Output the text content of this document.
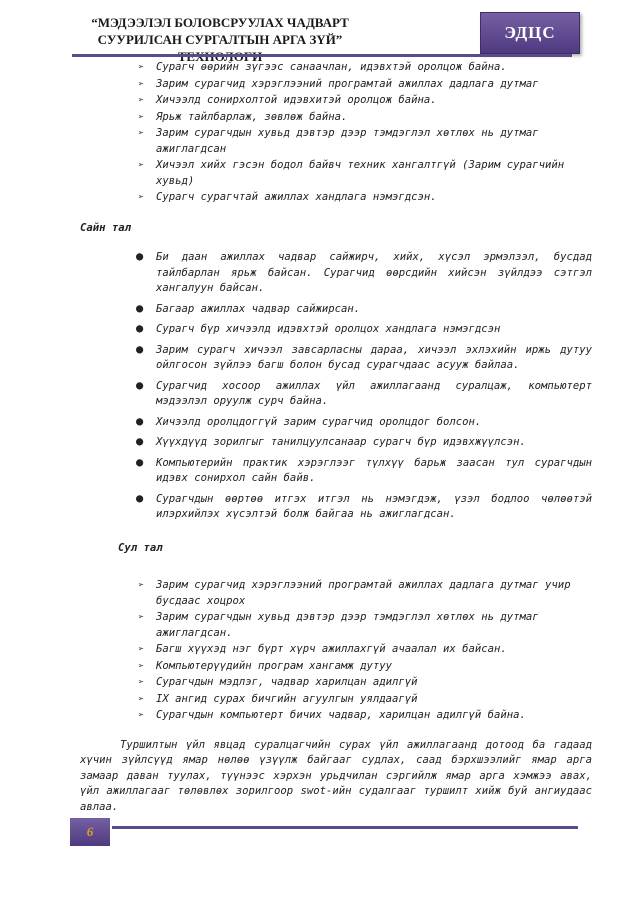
“МЭДЭЭЛЭЛ БОЛОВСРУУЛАХ ЧАДВАРТ
СУУРИЛСАН СУРГАЛТЫН АРГА ЗҮЙ”	ЭДЦС
➢ Сурагч өөрийн зүгээс санаачлан, идэвхтэй оролцож байна.
➢ Зарим сурагчид хэрэглээний програмтай ажиллах дадлага дутмаг
➢ Хичээлд сонирхолтой идэвхитэй оролцож байна.
➢ Ярьж тайлбарлаж, зөвлөж байна.
➢ Зарим сурагчдын хувьд дэвтэр дээр тэмдэглэл хөтлөх нь дутмаг ажиглагдсан
➢ Хичээл хийх гэсэн бодол байвч техник хангалтгүй (Зарим сурагчийн хувьд)
➢ Сурагч сурагчтай ажиллах хандлага нэмэгдсэн.
Сайн тал
● Би даан ажиллах чадвар сайжирч, хийх, хүсэл эрмэлзэл, бусдад тайлбарлан ярьж байсан. Сурагчид өөрсдийн хийсэн зүйлдээ сэтгэл хангалуун байсан.
● Багаар ажиллах чадвар сайжирсан.
● Сурагч бүр хичээлд идэвхтэй оролцох хандлага нэмэгдсэн
● Зарим сурагч хичээл завсарласны дараа, хичээл эхлэхийн иржь дутуу ойлгосон зүйлээ багш болон бусад сурагчдаас асууж байлаа.
● Сурагчид хосоор ажиллах үйл ажиллагаанд суралцаж, компьютерт мэдээлэл оруулж сурч байна.
● Хичээлд оролцдоггүй зарим сурагчид оролцдог болсон.
● Хүүхдүүд зорилгыг танилцуулсанаар сурагч бүр идэвхжүүлсэн.
● Компьютерийн практик хэрэглээг түлхүү барьж заасан тул сурагчдын идэвх сонирхол сайн байв.
● Сурагчдын өөртөө итгэх итгэл нь нэмэгдэж, үзэл бодлоо чөлөөтэй илэрхийлэх хүсэлтэй болж байгаа нь ажиглагдсан.
Сул тал
➢ Зарим сурагчид хэрэглээний програмтай ажиллах дадлага дутмаг учир бусдаас хоцрох
➢ Зарим сурагчдын хувьд дэвтэр дээр тэмдэглэл хөтлөх нь дутмаг ажиглагдсан.
➢ Багш хүүхэд нэг бүрт хүрч ажиллахгүй ачаалал их байсан.
➢ Компьютерүүдийн програм хангамж дутуу
➢ Сурагчдын мэдлэг, чадвар харилцан адилгүй
➢ IX ангид сурах бичгийн агуулгын уялдаагүй
➢ Сурагчдын компьютерт бичих чадвар, харилцан адилгүй байна.

Туршилтын үйл явцад суралцагчийн сурах үйл ажиллагаанд дотоод ба гадаад хүчин зүйлсүүд ямар нөлөө үзүүлж байгааг судлах, саад бэрхшээлийг ямар арга замаар даван туулах, түүнээс хэрхэн урьдчилан сэргийлж ямар арга хэмжээ авах, үйл ажиллагааг төлөвлөх зорилгоор swot-ийн судалгааг туршилт хийж буй ангиудаас авлаа.

6
